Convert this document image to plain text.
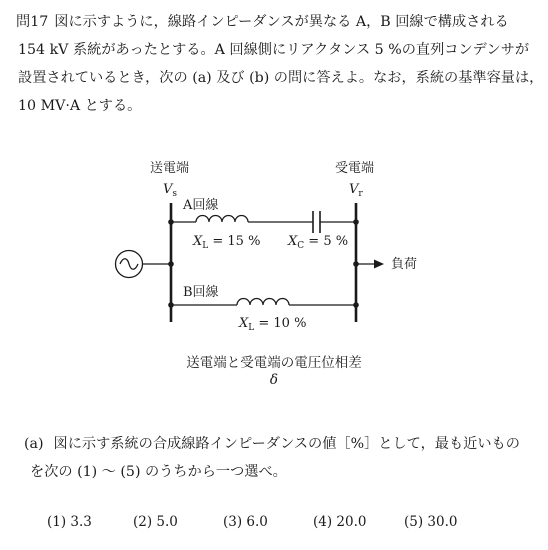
問17 図に示すように，線路インピーダンスが異なる A，B 回線で構成される
154 kV 系統があったとする。A 回線側にリアクタンス 5 %の直列コンデンサが
設置されているとき，次の (a) 及び (b) の問に答えよ。なお，系統の基準容量は，
10 MV·A とする。
送電端
$V_s$
受電端
$V_r$
A回線
$X_L = 15$ % $X_C = 5$ %
負荷
B回線
$X_L = 10$ %
送電端と受電端の電圧位相差
δ
(a) 図に示す系統の合成線路インピーダンスの値［%］として，最も近いもの
を次の (1) ～ (5) のうちから一つ選べ。
(1) 3.3	(2) 5.0	(3) 6.0	(4) 20.0	(5) 30.0
